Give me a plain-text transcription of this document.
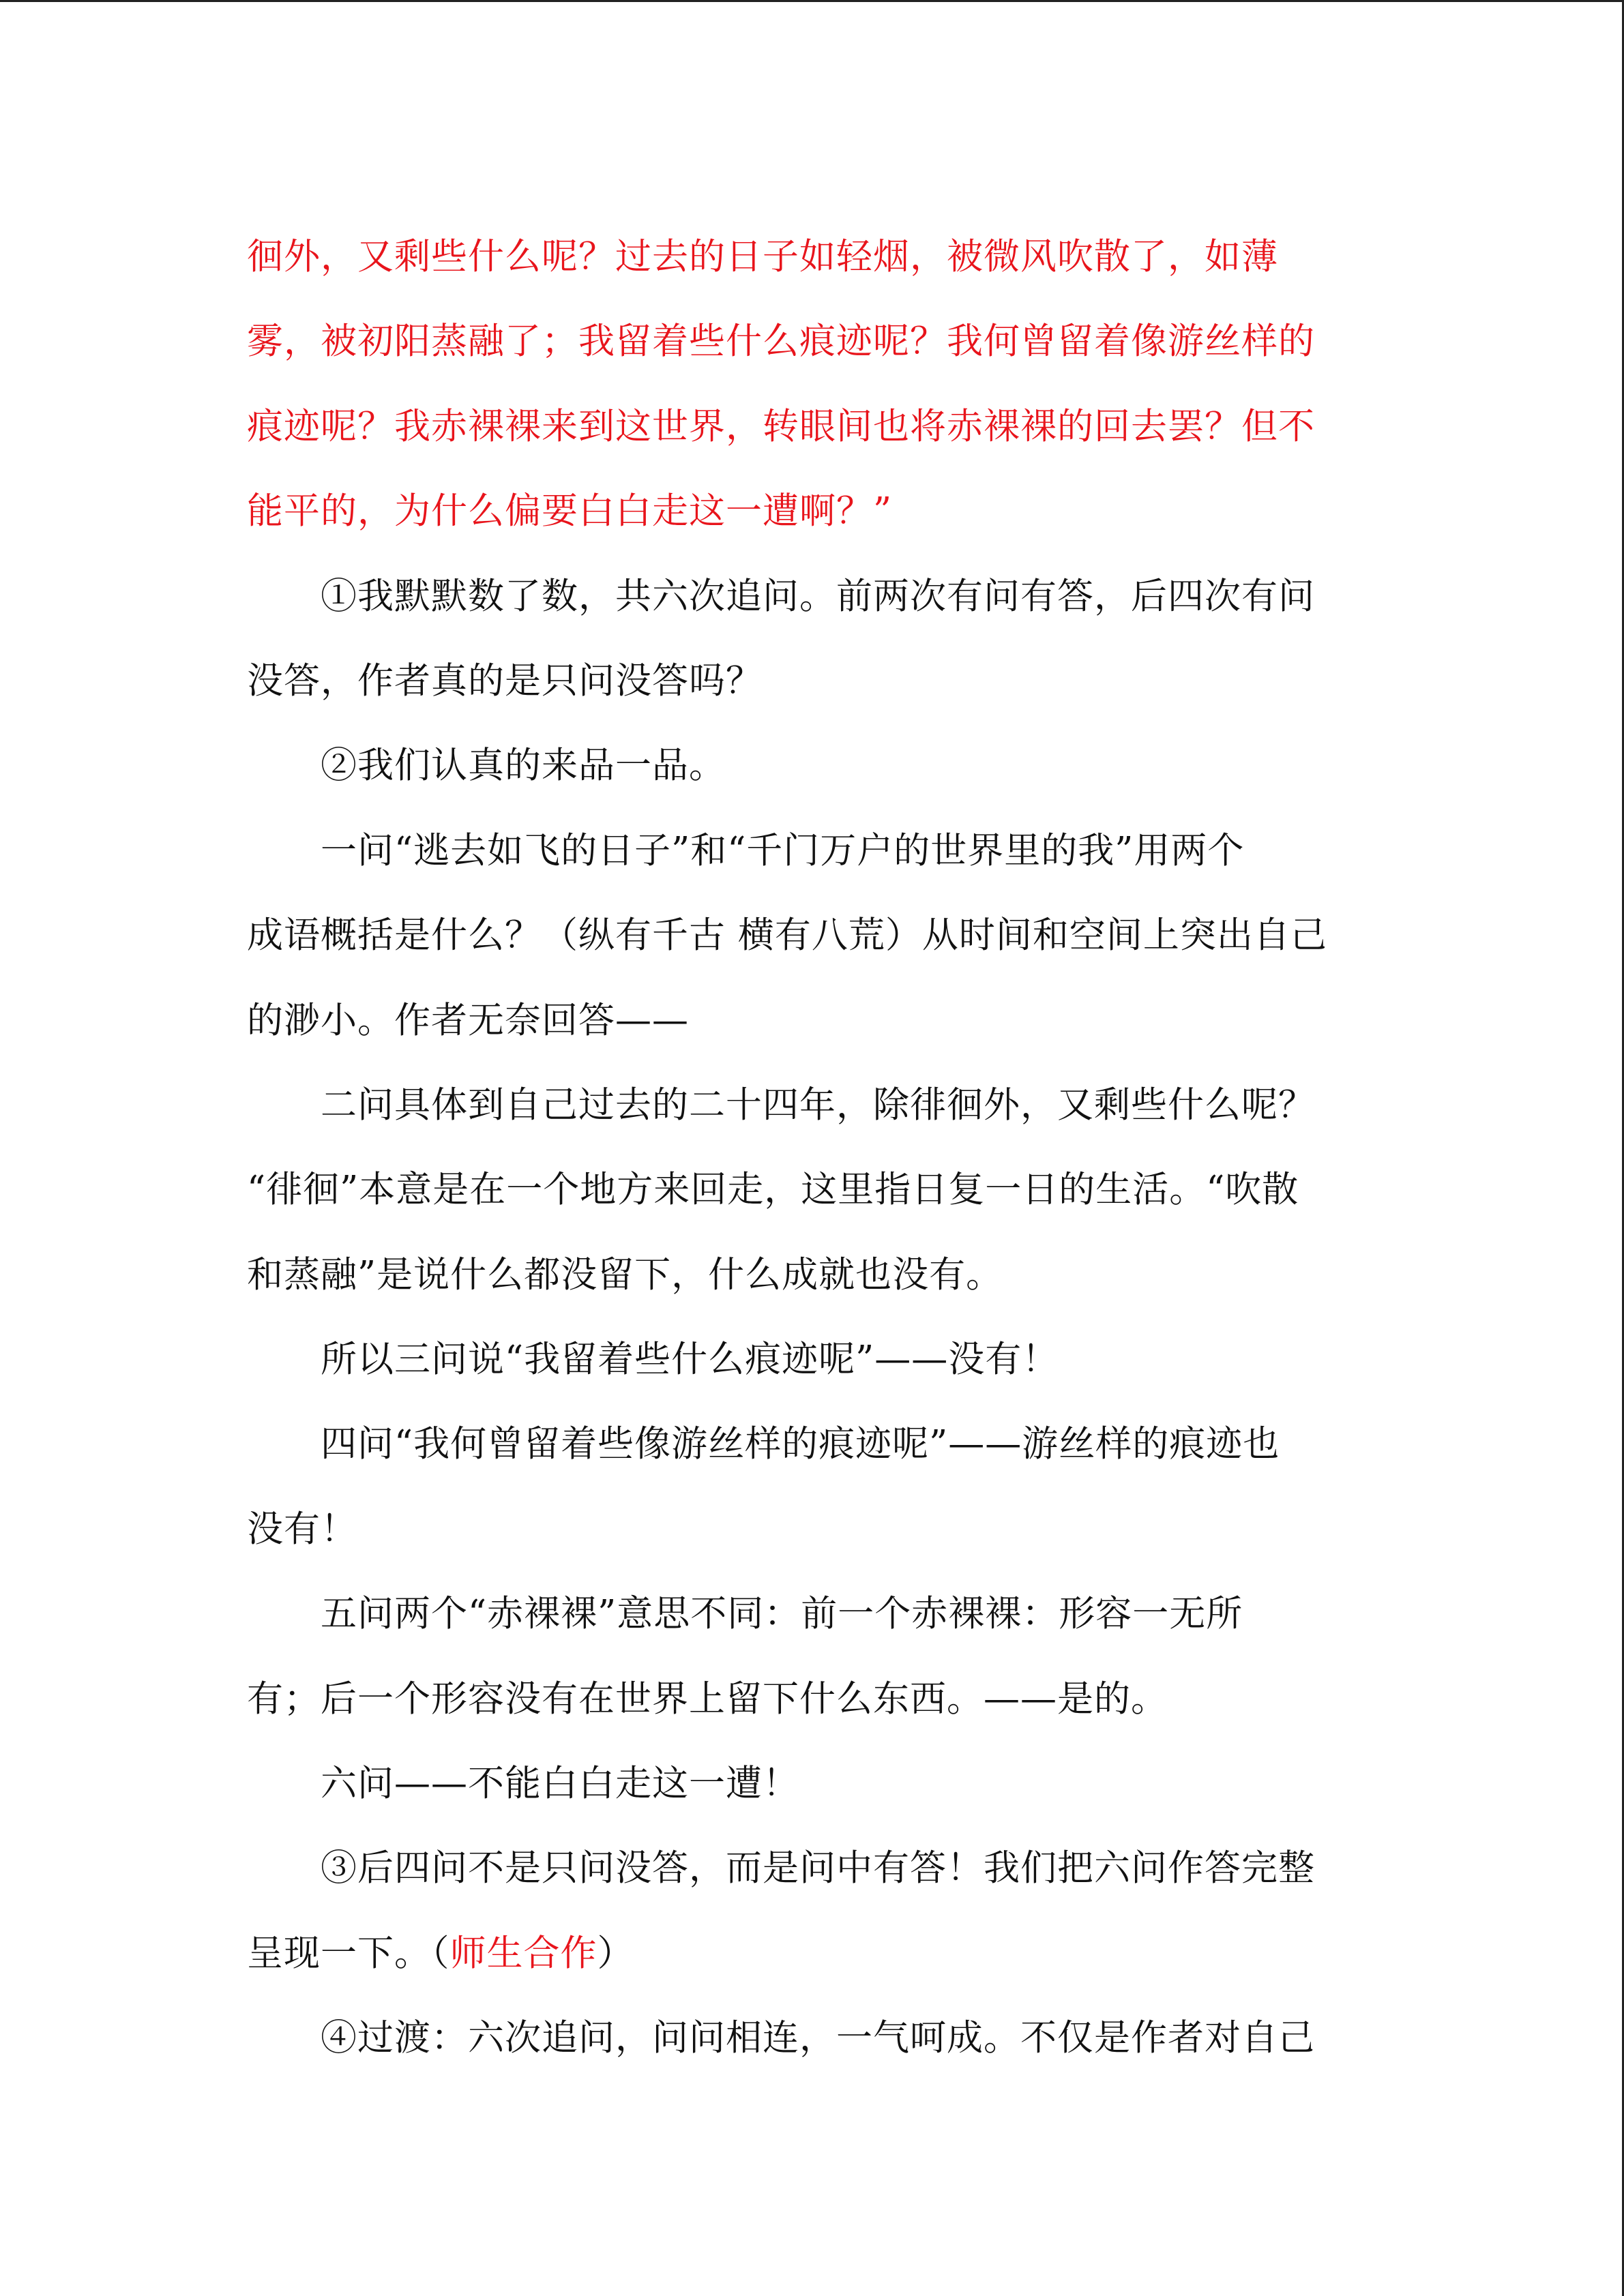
徊外，又剩些什么呢？过去的日子如轻烟，被微风吹散了，如薄
雾，被初阳蒸融了；我留着些什么痕迹呢？我何曾留着像游丝样的
痕迹呢？我赤裸裸来到这世界，转眼间也将赤裸裸的回去罢？但不
能平的，为什么偏要白白走这一遭啊？”
①我默默数了数，共六次追问。前两次有问有答，后四次有问
没答，作者真的是只问没答吗？
②我们认真的来品一品。
一问“逃去如飞的日子”和“千门万户的世界里的我”用两个
成语概括是什么？（纵有千古 横有八荒）从时间和空间上突出自己
的渺小。作者无奈回答——
二问具体到自己过去的二十四年，除徘徊外，又剩些什么呢？
“徘徊”本意是在一个地方来回走，这里指日复一日的生活。“吹散
和蒸融”是说什么都没留下，什么成就也没有。
所以三问说“我留着些什么痕迹呢”——没有！
四问“我何曾留着些像游丝样的痕迹呢”——游丝样的痕迹也
没有！
五问两个“赤裸裸”意思不同：前一个赤裸裸：形容一无所
有；后一个形容没有在世界上留下什么东西。——是的。
六问——不能白白走这一遭！
③后四问不是只问没答，而是问中有答！我们把六问作答完整
呈现一下。（师生合作）
④过渡：六次追问，问问相连，一气呵成。不仅是作者对自己
